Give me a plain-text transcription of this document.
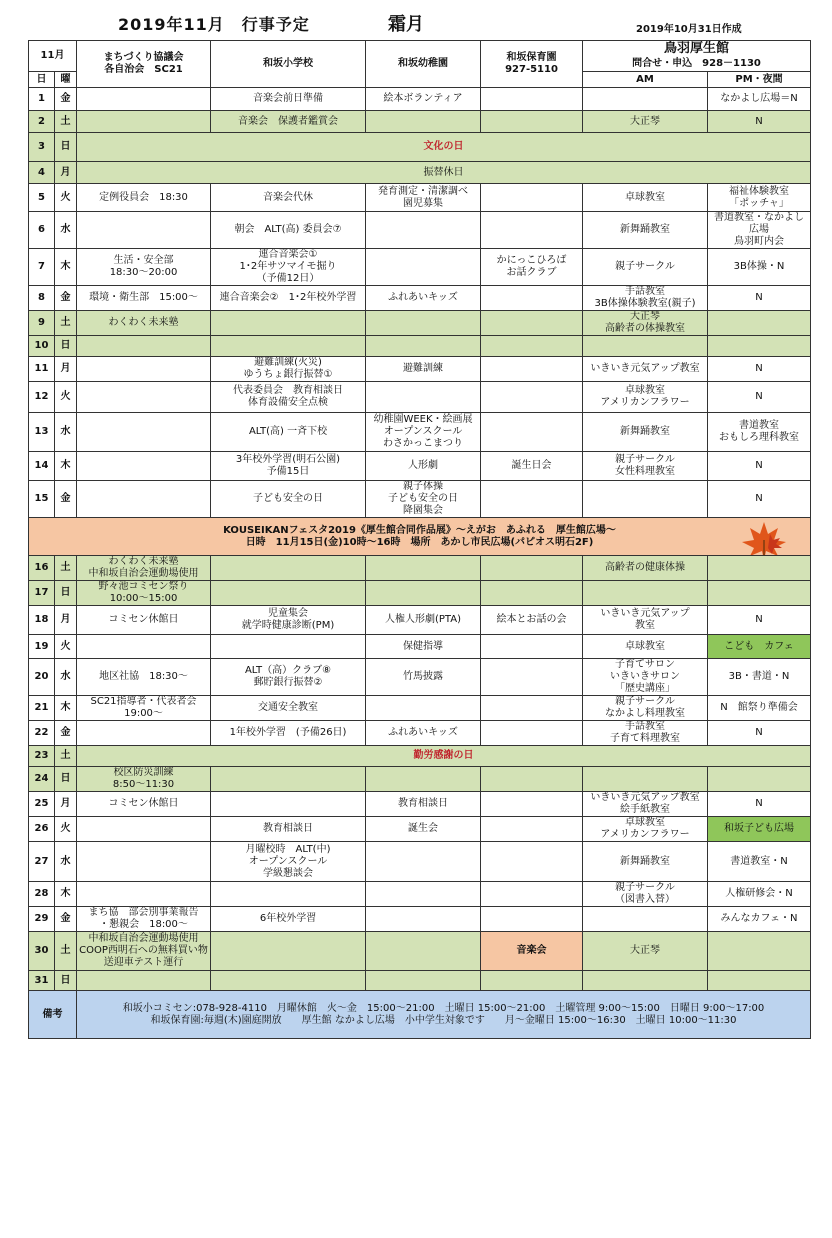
2019年11月　行事予定	霜月	2019年10月31日作成
11月		まちづくり協議会
各自治会　SC21	和坂小学校	和坂幼稚園	和坂保育園
927-5110	鳥羽厚生館
問合せ・申込　928－1130	
日	曜					AM	PM・夜間
1	金		音楽会前日準備	絵本ボランティア			なかよし広場＝N
2	土		音楽会　保護者鑑賞会			大正琴	N
3	日	文化の日					
4	月	振替休日					
5	火	定例役員会　18:30	音楽会代休	発育測定・清潔調べ
園児募集		卓球教室	福祉体験教室
「ポッチャ」
6	水		朝会　ALT(高) 委員会⑦			新舞踊教室	書道教室・なかよし広場
鳥羽町内会
7	木	生活・安全部
18:30～20:00	連合音楽会①
1･2年サツマイモ掘り
（予備12日）		かにっこひろば
お話クラブ	親子サークル	3B体操・N
8	金	環境・衛生部　15:00～	連合音楽会②　1･2年校外学習	ふれあいキッズ		手話教室
3B体操体験教室(親子)	N
9	土	わくわく未来塾				大正琴
高齢者の体操教室	
10	日						
11	月		避難訓練(火災)
ゆうちょ銀行振替①	避難訓練		いきいき元気アップ教室	N
12	火		代表委員会　教育相談日
体育設備安全点検			卓球教室
アメリカンフラワー	N
13	水		ALT(高) 一斉下校	幼稚園WEEK・絵画展
オープンスクール
わさかっこまつり		新舞踊教室	書道教室
おもしろ理科教室
14	木		3年校外学習(明石公園)
予備15日	人形劇	誕生日会	親子サークル
女性料理教室	N
15	金		子ども安全の日	親子体操
子ども安全の日
降園集会			N

KOUSEIKANフェスタ2019《厚生館合同作品展》～えがお　あふれる　厚生館広場～
日時　11月15日(金)10時～16時　場所　あかし市民広場(パピオス明石2F)							

16	土	わくわく未来塾
中和坂自治会運動場使用				高齢者の健康体操	
17	日	野々池コミセン祭り
10:00～15:00					
18	月	コミセン休館日	児童集会
就学時健康診断(PM)	人権人形劇(PTA)	絵本とお話の会	いきいき元気アップ
教室	N
19	火			保健指導		卓球教室	こども　カフェ
20	水	地区社協　18:30～	ALT（高）クラブ⑧
郵貯銀行振替②	竹馬披露		子育てサロン
いきいきサロン
「歴史講座」	3B・書道・N
21	木	SC21指導者・代表者会
19:00～	交通安全教室			親子サークル
なかよし料理教室	N　館祭り準備会
22	金		1年校外学習　(予備26日)	ふれあいキッズ		手話教室
子育て料理教室	N
23	土	勤労感謝の日					
24	日	校区防災訓練
8:50～11:30					
25	月	コミセン休館日		教育相談日		いきいき元気アップ教室
絵手紙教室	N
26	火		教育相談日	誕生会		卓球教室
アメリカンフラワー	和坂子ども広場
27	水		月曜校時　ALT(中)
オープンスクール
学級懇談会			新舞踊教室	書道教室・N
28	木					親子サークル
（図書入替）	人権研修会・N
29	金	まち協　部会別事業報告
・懇親会　18:00～	6年校外学習				みんなカフェ・N
30	土	中和坂自治会運動場使用
COOP西明石への無料買い物
送迎車テスト運行			音楽会	大正琴	
31	日						
備考		和坂小コミセン:078-928-4110　月曜休館　火～金　15:00～21:00　土曜日 15:00～21:00　土曜管理 9:00～15:00　日曜日 9:00～17:00
和坂保育園:毎週(木)園庭開放　　厚生館 なかよし広場　小中学生対象です　　月～金曜日 15:00～16:30　土曜日 10:00～11:30					
